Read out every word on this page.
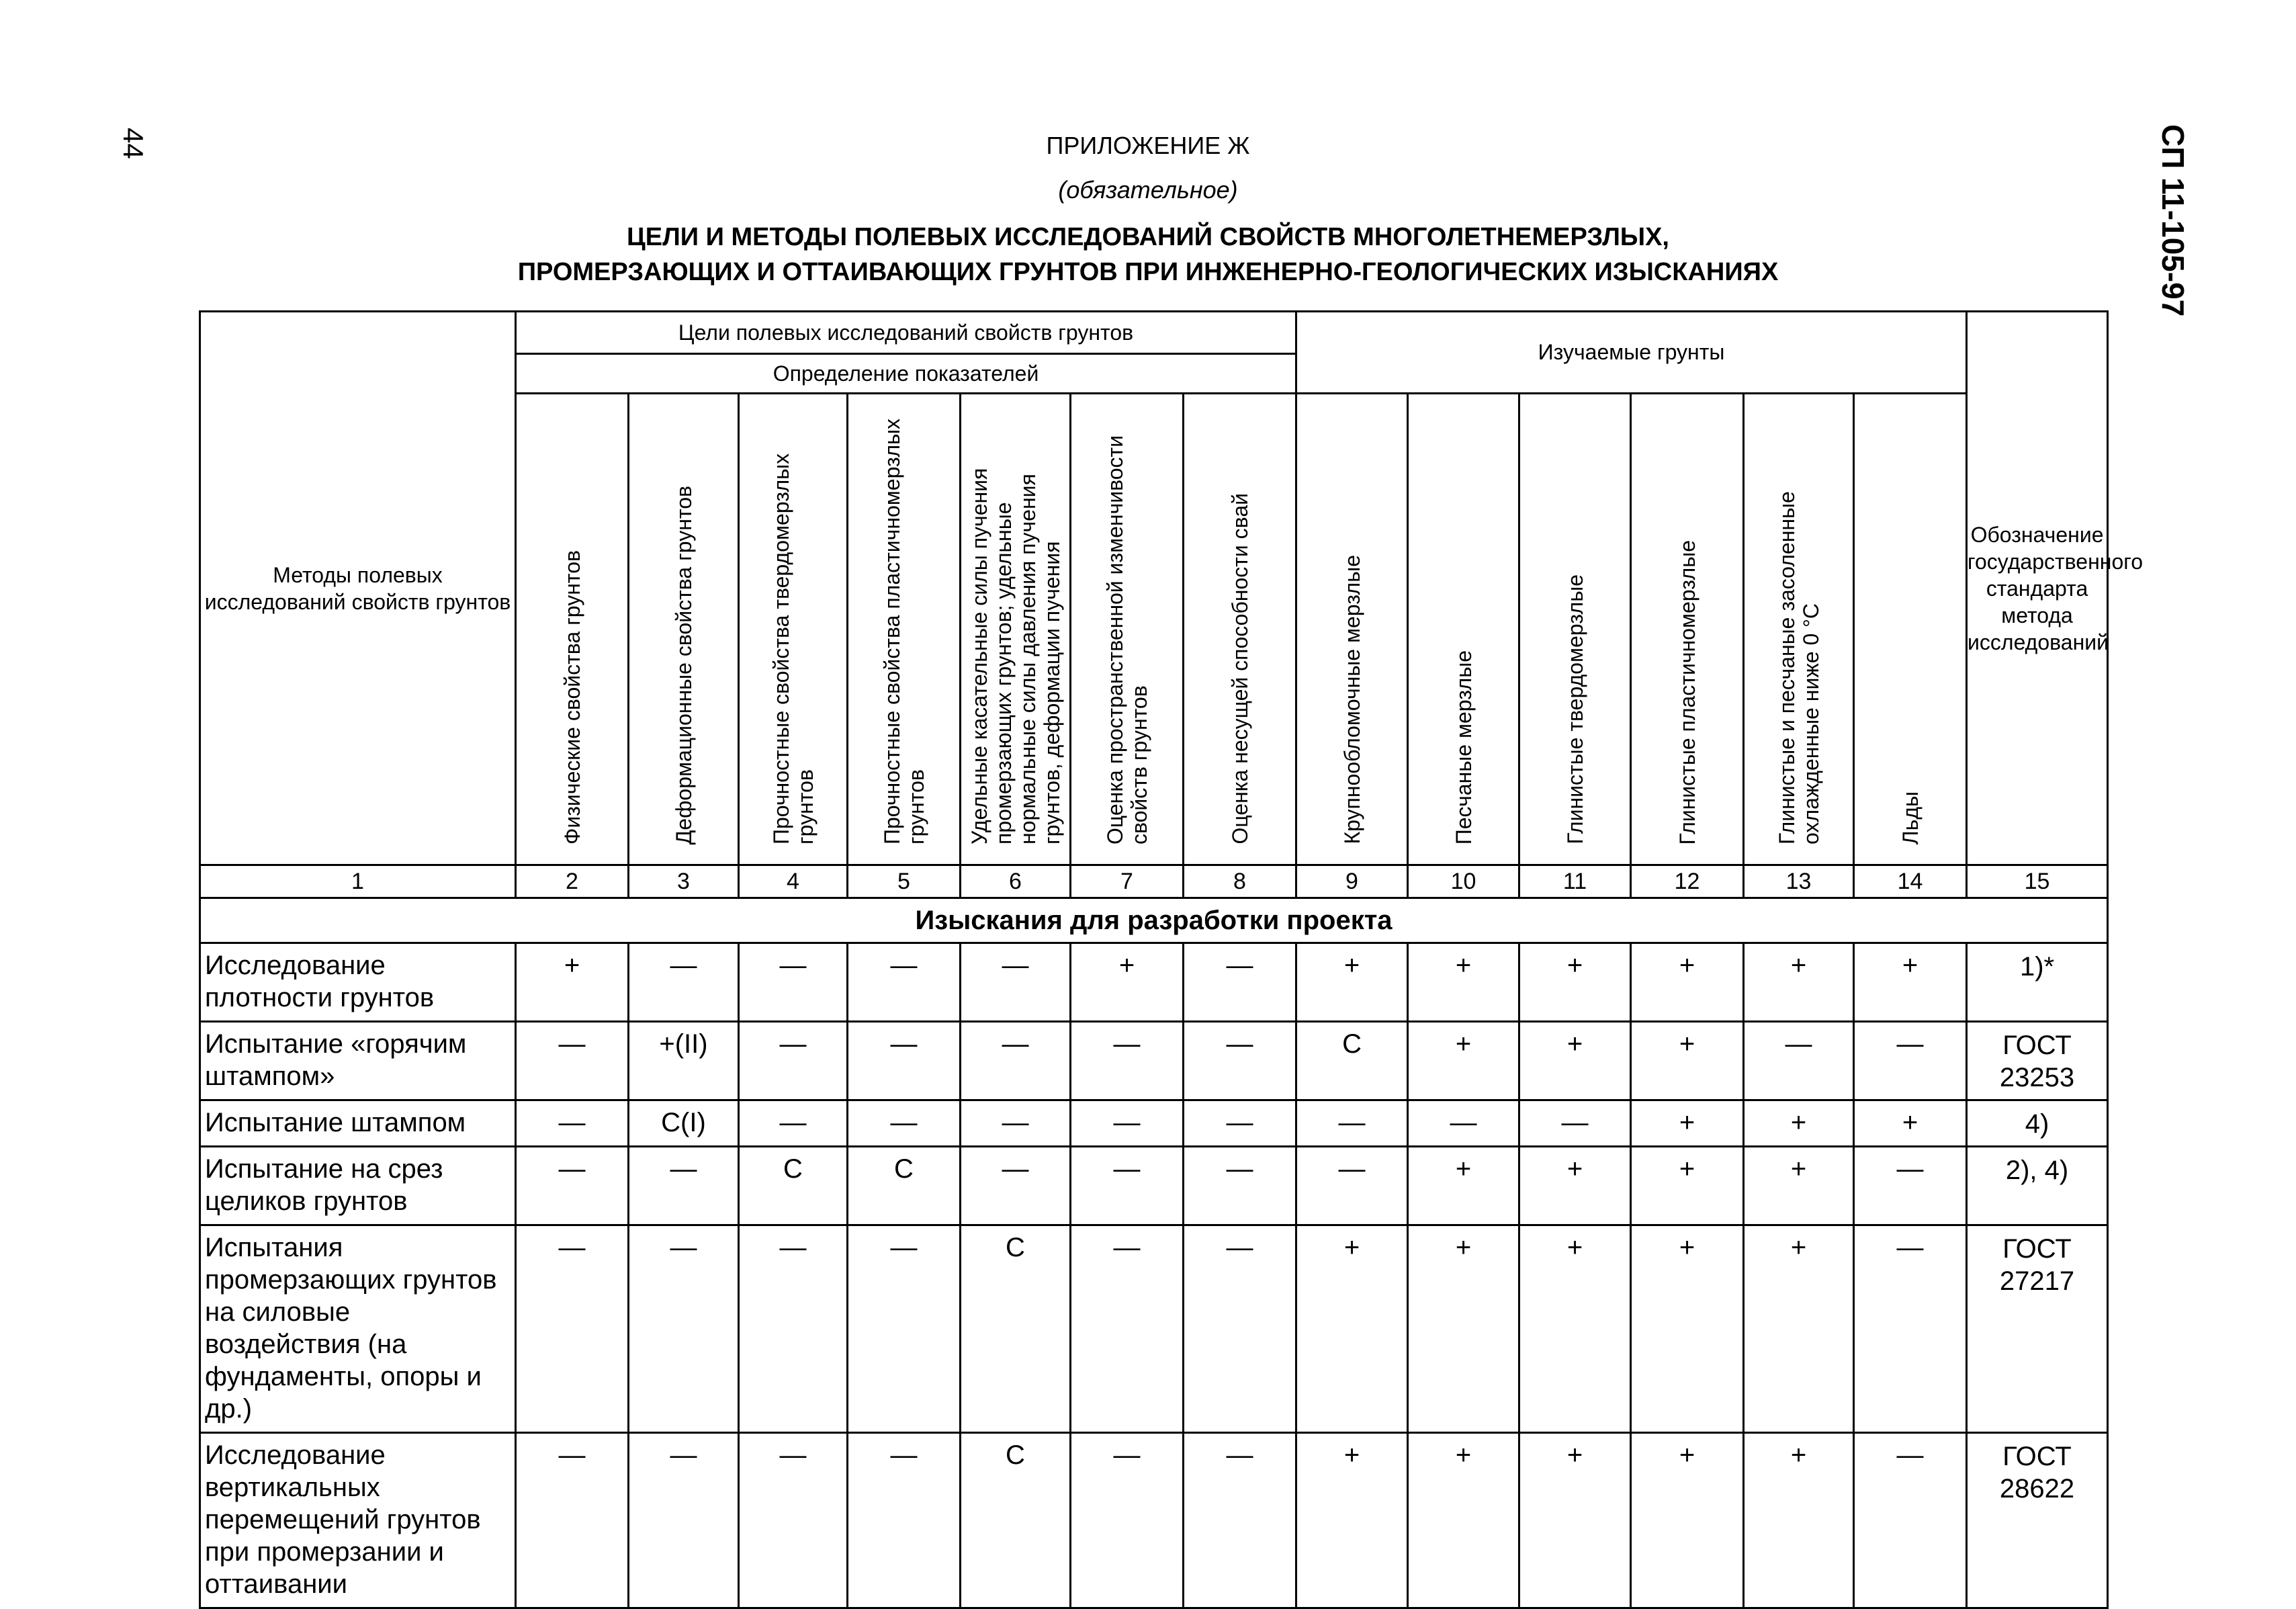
44	СП 11-105-97
ПРИЛОЖЕНИЕ Ж
(обязательное)
ЦЕЛИ И МЕТОДЫ ПОЛЕВЫХ ИССЛЕДОВАНИЙ СВОЙСТВ МНОГОЛЕТНЕМЕРЗЛЫХ,
ПРОМЕРЗАЮЩИХ И ОТТАИВАЮЩИХ ГРУНТОВ ПРИ ИНЖЕНЕРНО-ГЕОЛОГИЧЕСКИХ ИЗЫСКАНИЯХ
Методы полевых исследований свойств грунтов	Цели полевых исследований свойств грунтов							Изучаемые грунты						Обозначение государственного стандарта метода исследований
	Определение показателей													
	Физические свойства грунтов	Деформационные свойства грунтов	Прочностные свойства твердомерзлых грунтов	Прочностные свойства пластичномерзлых грунтов	Удельные касательные силы пучения промерзающих грунтов; удельные нормальные силы давления пучения грунтов, деформации пучения	Оценка пространственной изменчивости свойств грунтов	Оценка несущей способности свай	Крупнообломочные мерзлые	Песчаные мерзлые	Глинистые твердомерзлые	Глинистые пластичномерзлые	Глинистые и песчаные засоленные охлажденные ниже 0 °С	Льды	
1	2	3	4	5	6	7	8	9	10	11	12	13	14	15
Изыскания для разработки проекта														
Исследование плотности грунтов	+	—	—	—	—	+	—	+	+	+	+	+	+	1)*
Испытание «горячим штампом»	—	+(II)	—	—	—	—	—	С	+	+	+	—	—	ГОСТ 23253
Испытание штампом	—	С(I)	—	—	—	—	—	—	—	—	+	+	+	4)
Испытание на срез целиков грунтов	—	—	С	С	—	—	—	—	+	+	+	+	—	2), 4)
Испытания промерзающих грунтов на силовые воздействия (на фундаменты, опоры и др.)	—	—	—	—	С	—	—	+	+	+	+	+	—	ГОСТ 27217
Исследование вертикальных перемещений грунтов при промерзании и оттаивании	—	—	—	—	С	—	—	+	+	+	+	+	—	ГОСТ 28622
